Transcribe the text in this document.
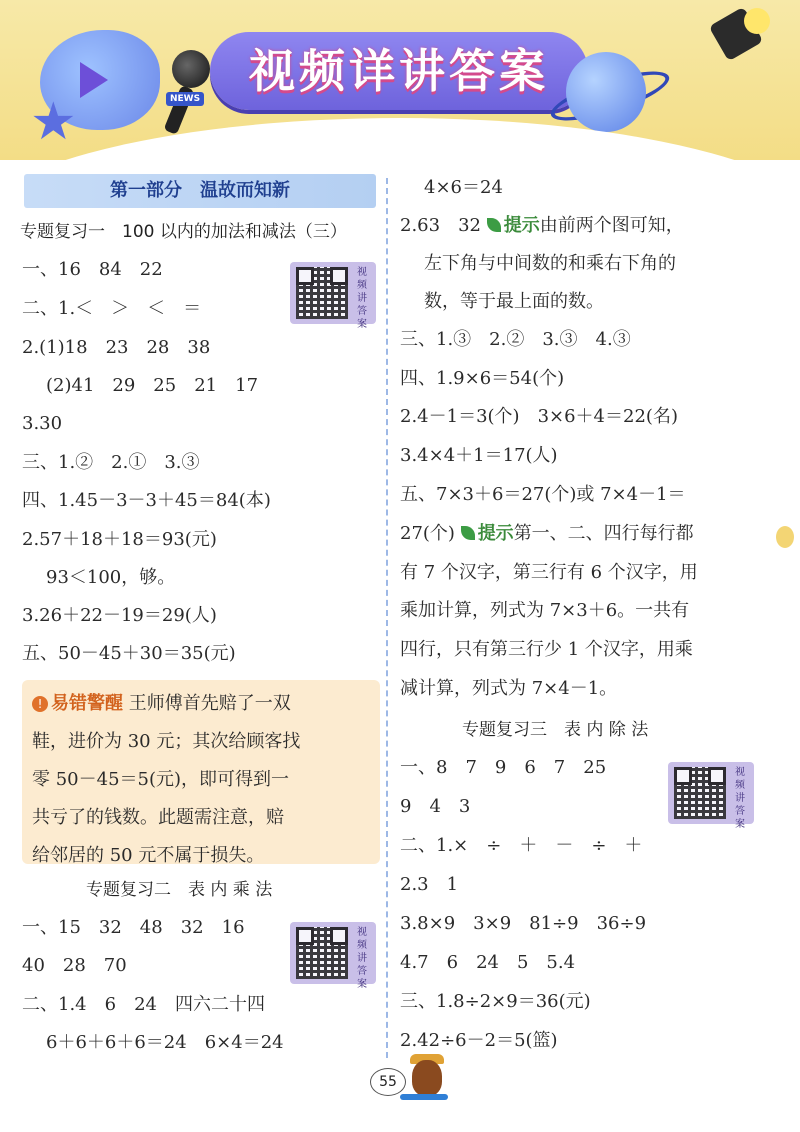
★	NEWS
视频详讲答案
第一部分　温故而知新
专题复习一　100 以内的加法和减法（三）
视频讲答案
一、16　84　22
二、1.＜　＞　＜　＝
2.(1)18　23　28　38
(2)41　29　25　21　17
3.30
三、1.②　2.①　3.③
四、1.45－3－3＋45＝84(本)
2.57＋18＋18＝93(元)
93＜100，够。
3.26＋22－19＝29(人)
五、50－45＋30＝35(元)
! 易错警醒 王师傅首先赔了一双
鞋，进价为 30 元；其次给顾客找
零 50－45＝5(元)，即可得到一
共亏了的钱数。此题需注意，赔
给邻居的 50 元不属于损失。
专题复习二　表 内 乘 法
视频讲答案
一、15　32　48　32　16
40　28　70
二、1.4　6　24　四六二十四
6＋6＋6＋6＝24　6×4＝24
4×6＝24
2.63　32 提示由前两个图可知，
左下角与中间数的和乘右下角的
数，等于最上面的数。
三、1.③　2.②　3.③　4.③
四、1.9×6＝54(个)
2.4－1＝3(个)　3×6＋4＝22(名)
3.4×4＋1＝17(人)
五、7×3＋6＝27(个)或 7×4－1＝
27(个) 提示第一、二、四行每行都
有 7 个汉字，第三行有 6 个汉字，用
乘加计算，列式为 7×3＋6。一共有
四行，只有第三行少 1 个汉字，用乘
减计算，列式为 7×4－1。
专题复习三　表 内 除 法
视频讲答案
一、8　7　9　6　7　25
9　4　3
二、1.×　÷　＋　－　÷　＋
2.3　1
3.8×9　3×9　81÷9　36÷9
4.7　6　24　5　5.4
三、1.8÷2×9＝36(元)
2.42÷6－2＝5(篮)
55
